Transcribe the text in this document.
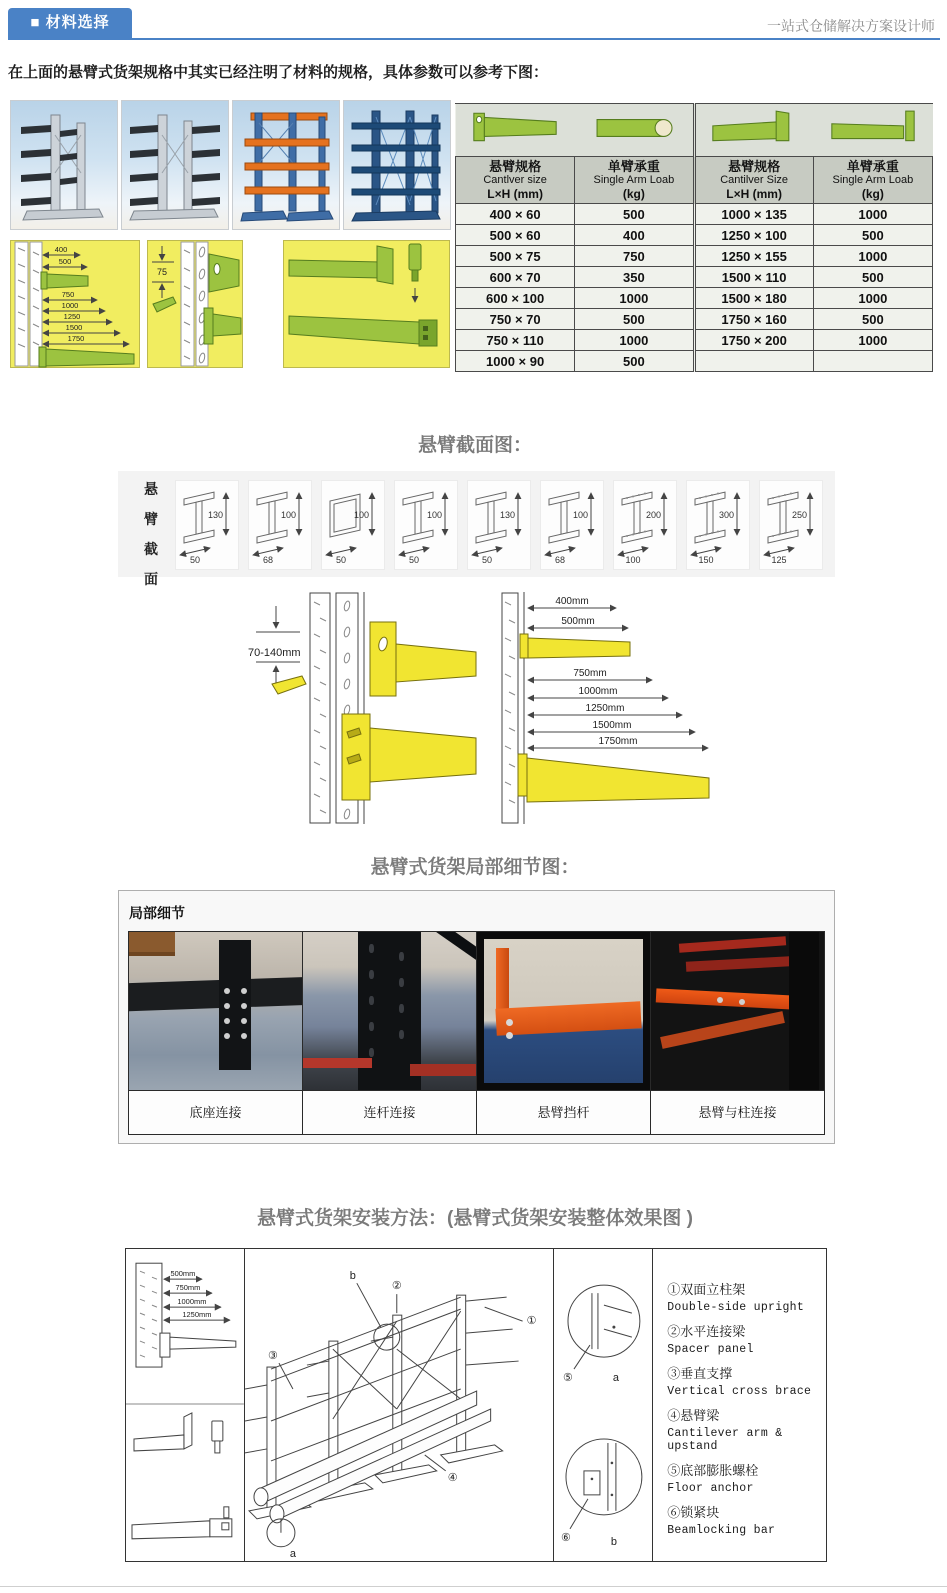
■ 材料选择	一站式仓储解决方案设计师
在上面的悬臂式货架规格中其实已经注明了材料的规格，具体参数可以参考下图：
400
500
750
1000
1250
1500
1750
75

悬臂规格
Cantlver size
L×H (mm)

单臂承重
Single Arm Loab
(kg)

悬臂规格
Cantilver Size
L×H (mm)

单臂承重
Single Arm Loab
(kg)

400 × 60	500	1000 × 135	1000
500 × 60	400	1250 × 100	500
500 × 75	750	1250 × 155	1000
600 × 70	350	1500 × 110	500
600 × 100	1000	1500 × 180	1000
750 × 70	500	1750 × 160	500
750 × 110	1000	1750 × 200	1000
1000 × 90	500		
悬臂截面图：
悬
臂
截
面
130
50
100
68
100
50
100
50
130
50
100
68
200
100
300
150
250
125
70-140mm
400mm
500mm
750mm
1000mm
1250mm
1500mm
1750mm
悬臂式货架局部细节图：
局部细节
底座连接	连杆连接	悬臂挡杆	悬臂与柱连接
悬臂式货架安装方法：(悬臂式货架安装整体效果图 )
500mm
750mm
1000mm
1250mm
①
②
③
④
b
a
⑤	a
⑥	b
①双面立柱架
Double-side upright
②水平连接梁
Spacer panel
③垂直支撑
Vertical cross brace
④悬臂梁
Cantilever arm & upstand
⑤底部膨胀螺栓
Floor anchor
⑥锁紧块
Beamlocking bar
